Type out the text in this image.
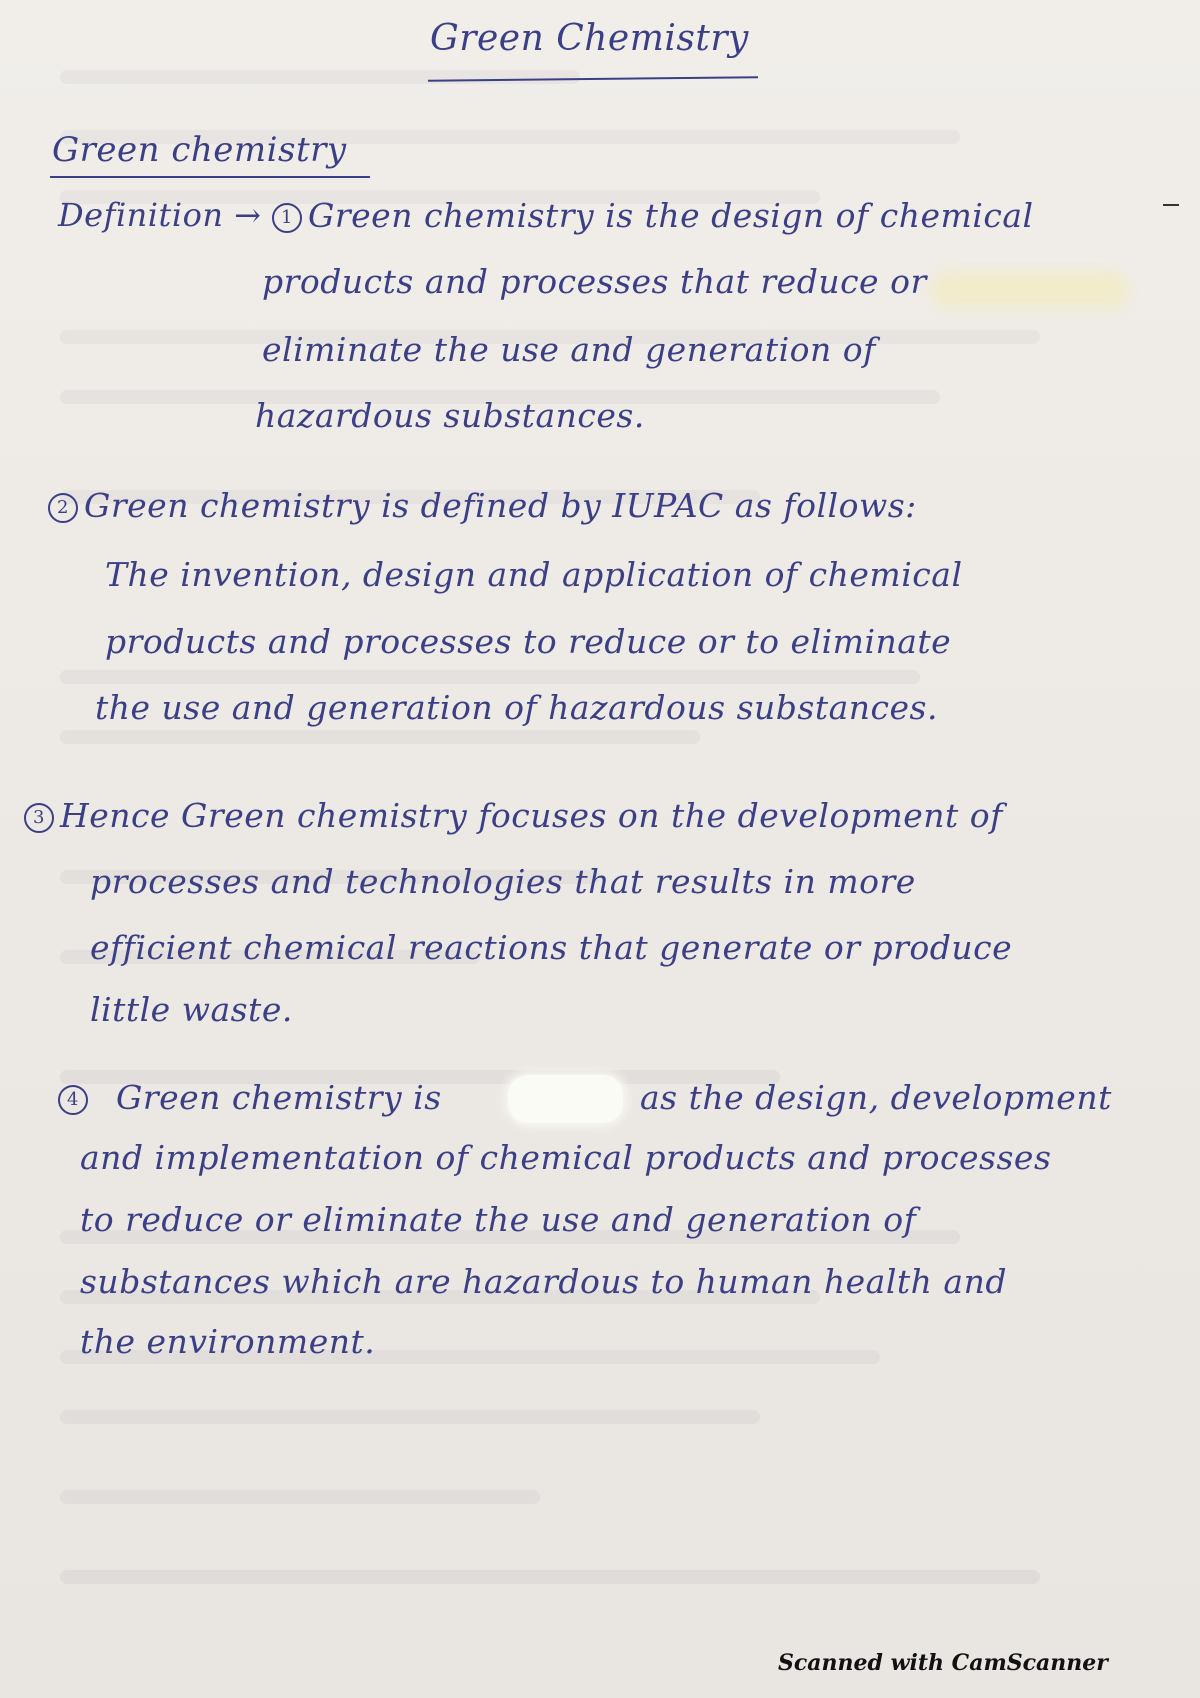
Green Chemistry
Green chemistry
Definition →	1 Green chemistry is the design of chemical
products and processes that reduce or
eliminate the use and generation of
hazardous substances.
2 Green chemistry is defined by IUPAC as follows:
The invention, design and application of chemical
products and processes to reduce or to eliminate
the use and generation of hazardous substances.
3 Hence Green chemistry focuses on the development of
processes and technologies that results in more
efficient chemical reactions that generate or produce
little waste.
4 Green chemistry is	as the design, development
and implementation of chemical products and processes
to reduce or eliminate the use and generation of
substances which are hazardous to human health and
the environment.
Scanned with CamScanner
